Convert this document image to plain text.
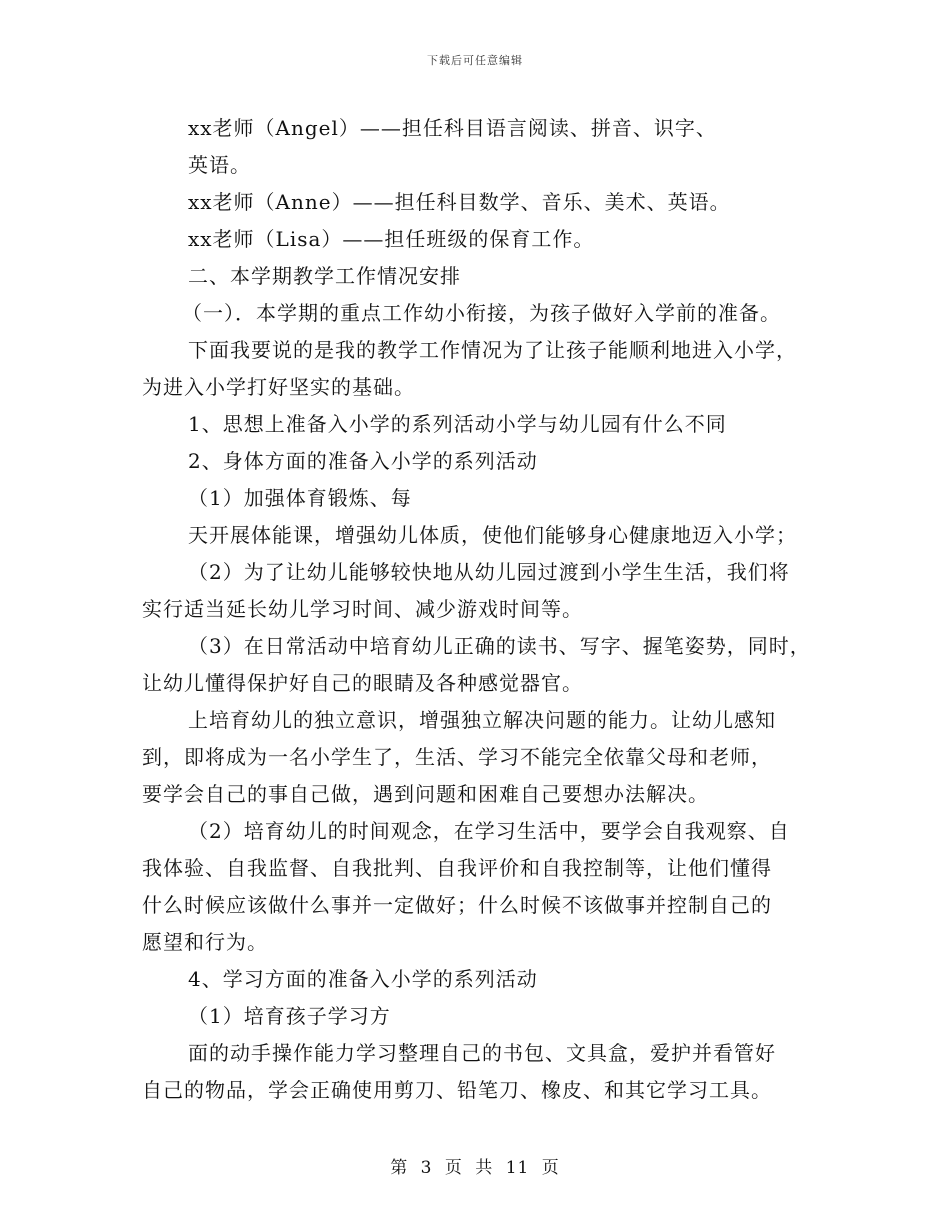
下载后可任意编辑
xx老师（Angel）——担任科目语言阅读、拼音、识字、
英语。
xx老师（Anne）——担任科目数学、音乐、美术、英语。
xx老师（Lisa）——担任班级的保育工作。
二、本学期教学工作情况安排
（一）．本学期的重点工作幼小衔接，为孩子做好入学前的准备。
下面我要说的是我的教学工作情况为了让孩子能顺利地进入小学，
为进入小学打好坚实的基础。
1、思想上准备入小学的系列活动小学与幼儿园有什么不同
2、身体方面的准备入小学的系列活动
（1）加强体育锻炼、每
天开展体能课，增强幼儿体质，使他们能够身心健康地迈入小学；
（2）为了让幼儿能够较快地从幼儿园过渡到小学生生活，我们将
实行适当延长幼儿学习时间、减少游戏时间等。
（3）在日常活动中培育幼儿正确的读书、写字、握笔姿势，同时，
让幼儿懂得保护好自己的眼睛及各种感觉器官。
上培育幼儿的独立意识，增强独立解决问题的能力。让幼儿感知
到，即将成为一名小学生了，生活、学习不能完全依靠父母和老师，
要学会自己的事自己做，遇到问题和困难自己要想办法解决。
（2）培育幼儿的时间观念，在学习生活中，要学会自我观察、自
我体验、自我监督、自我批判、自我评价和自我控制等，让他们懂得
什么时候应该做什么事并一定做好；什么时候不该做事并控制自己的
愿望和行为。
4、学习方面的准备入小学的系列活动
（1）培育孩子学习方
面的动手操作能力学习整理自己的书包、文具盒，爱护并看管好
自己的物品，学会正确使用剪刀、铅笔刀、橡皮、和其它学习工具。
第 3 页 共 11 页
